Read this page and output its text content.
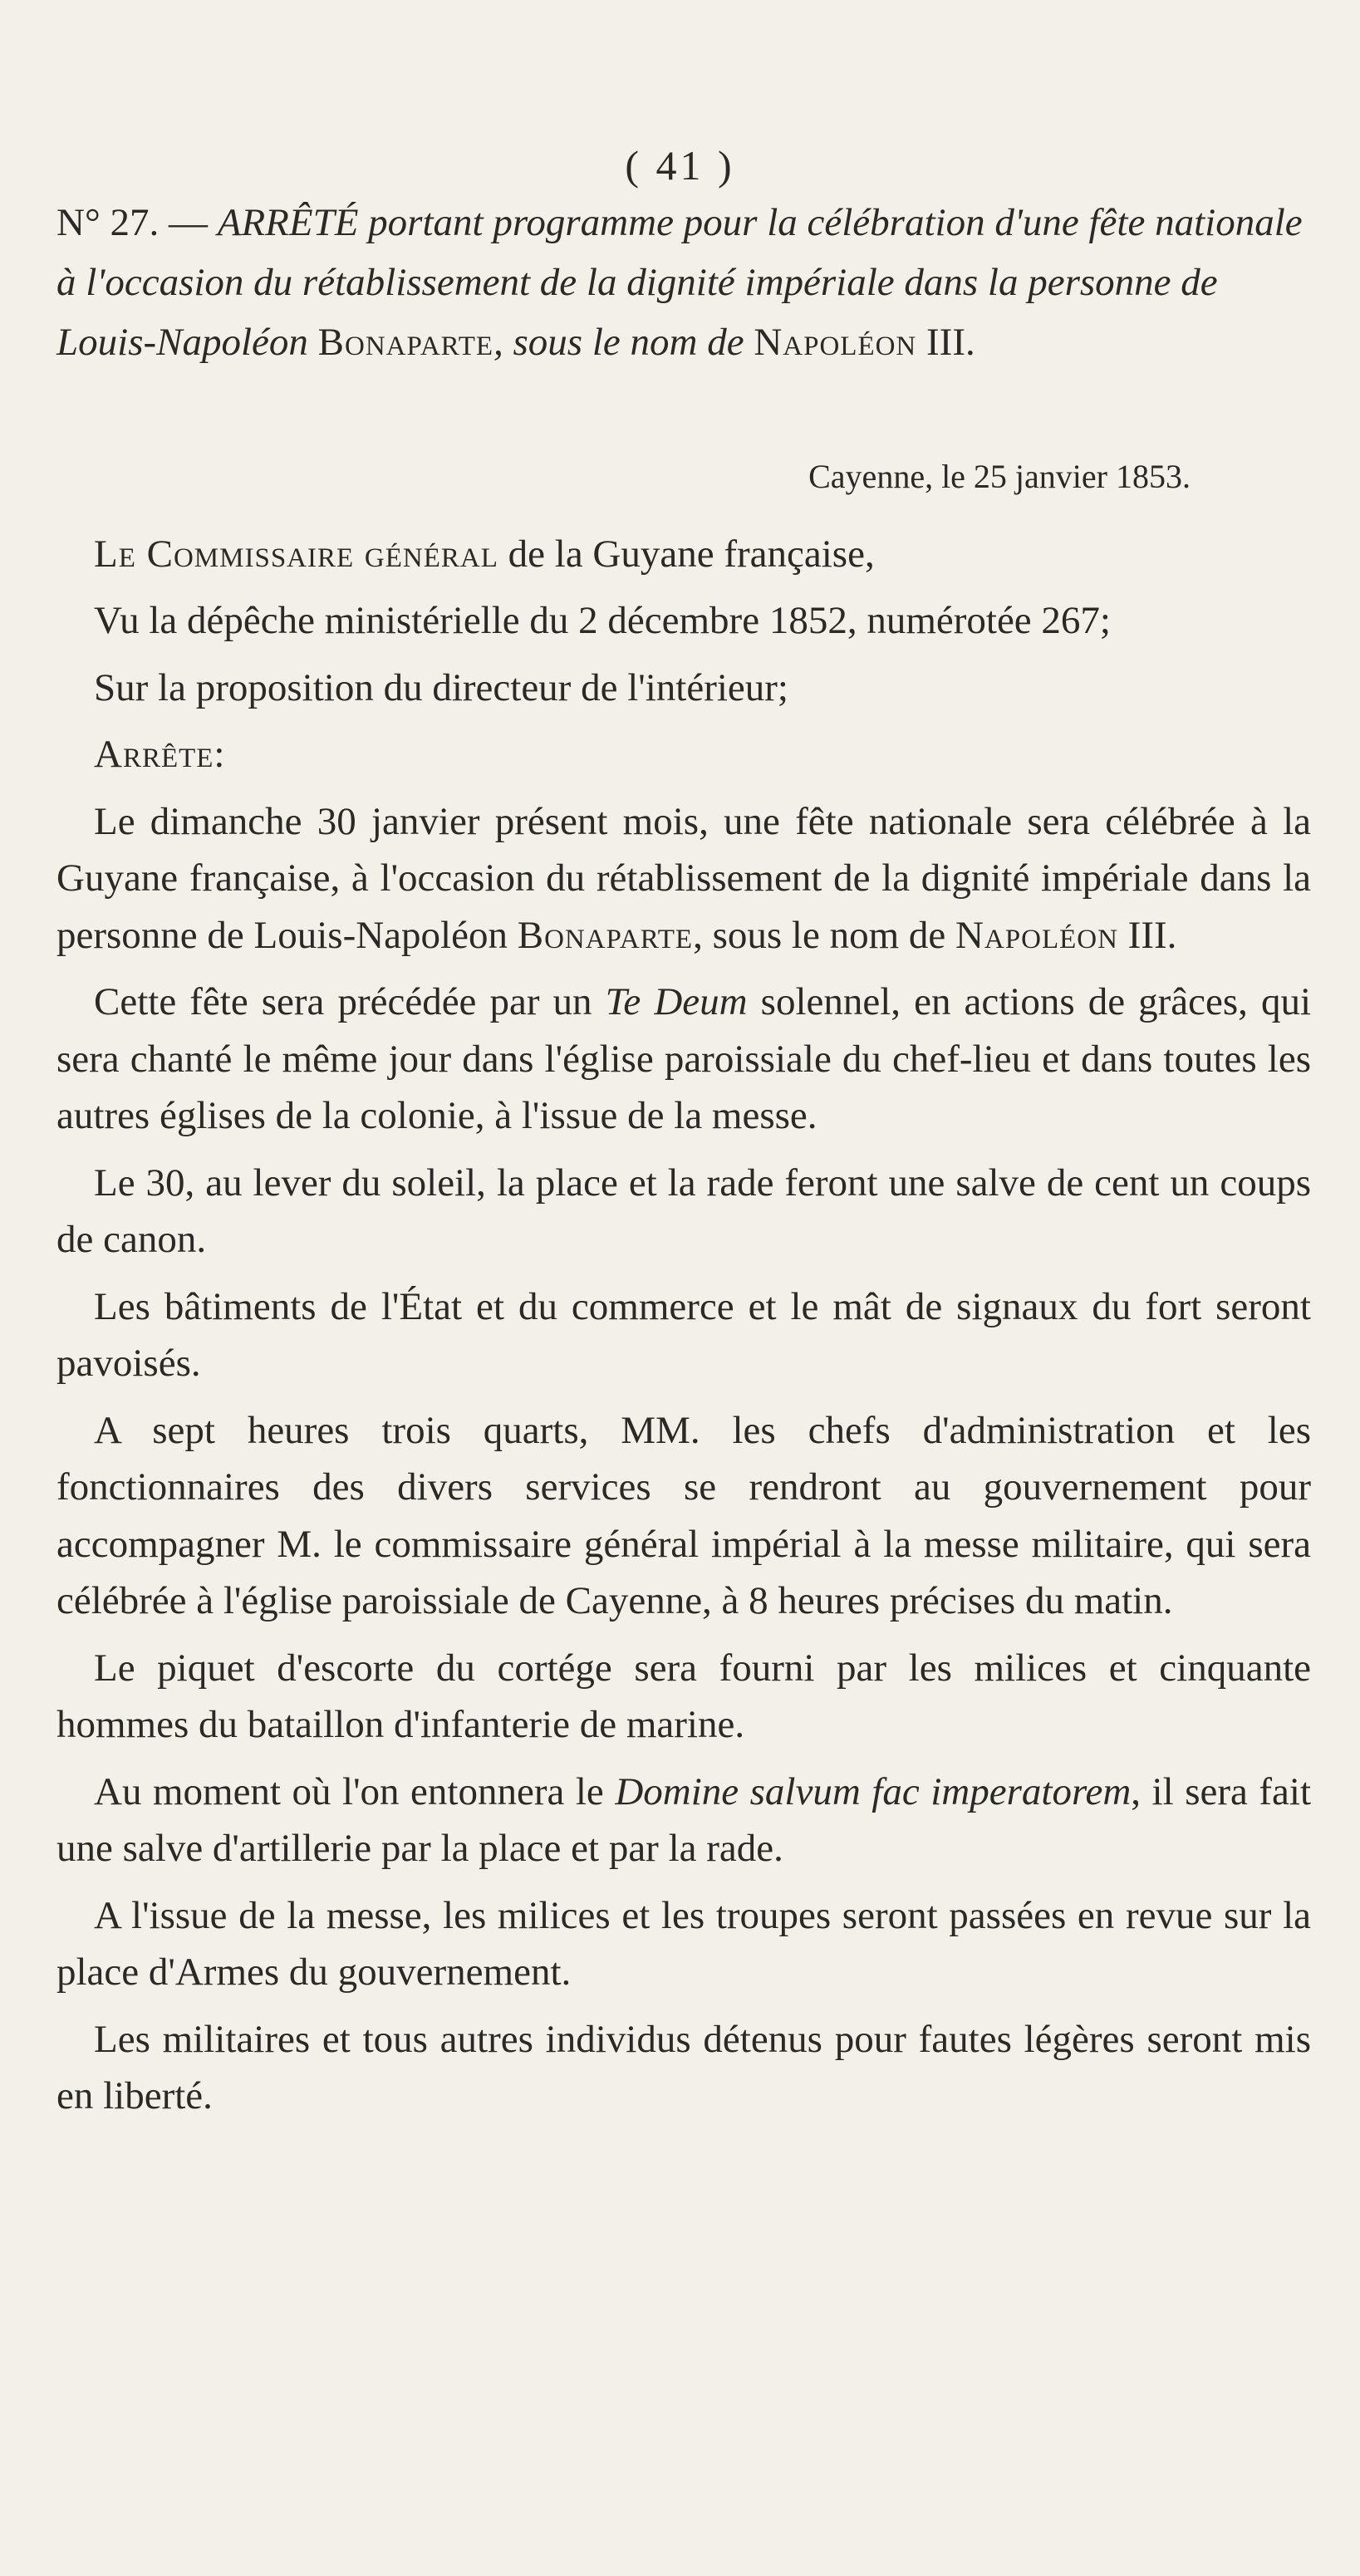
( 41 )
N° 27. — ARRÊTÉ portant programme pour la célébration d'une fête nationale à l'occasion du rétablissement de la dignité impériale dans la personne de Louis-Napoléon Bonaparte, sous le nom de Napoléon III.
Cayenne, le 25 janvier 1853.

Le Commissaire général de la Guyane française,

Vu la dépêche ministérielle du 2 décembre 1852, numérotée 267;

Sur la proposition du directeur de l'intérieur;

Arrête:

Le dimanche 30 janvier présent mois, une fête nationale sera célébrée à la Guyane française, à l'occasion du rétablissement de la dignité impériale dans la personne de Louis-Napoléon Bonaparte, sous le nom de Napoléon III.

Cette fête sera précédée par un Te Deum solennel, en actions de grâces, qui sera chanté le même jour dans l'église paroissiale du chef-lieu et dans toutes les autres églises de la colonie, à l'issue de la messe.

Le 30, au lever du soleil, la place et la rade feront une salve de cent un coups de canon.

Les bâtiments de l'État et du commerce et le mât de signaux du fort seront pavoisés.

A sept heures trois quarts, MM. les chefs d'administration et les fonctionnaires des divers services se rendront au gouvernement pour accompagner M. le commissaire général impérial à la messe militaire, qui sera célébrée à l'église paroissiale de Cayenne, à 8 heures précises du matin.

Le piquet d'escorte du cortége sera fourni par les milices et cinquante hommes du bataillon d'infanterie de marine.

Au moment où l'on entonnera le Domine salvum fac imperatorem, il sera fait une salve d'artillerie par la place et par la rade.

A l'issue de la messe, les milices et les troupes seront passées en revue sur la place d'Armes du gouvernement.

Les militaires et tous autres individus détenus pour fautes légères seront mis en liberté.
